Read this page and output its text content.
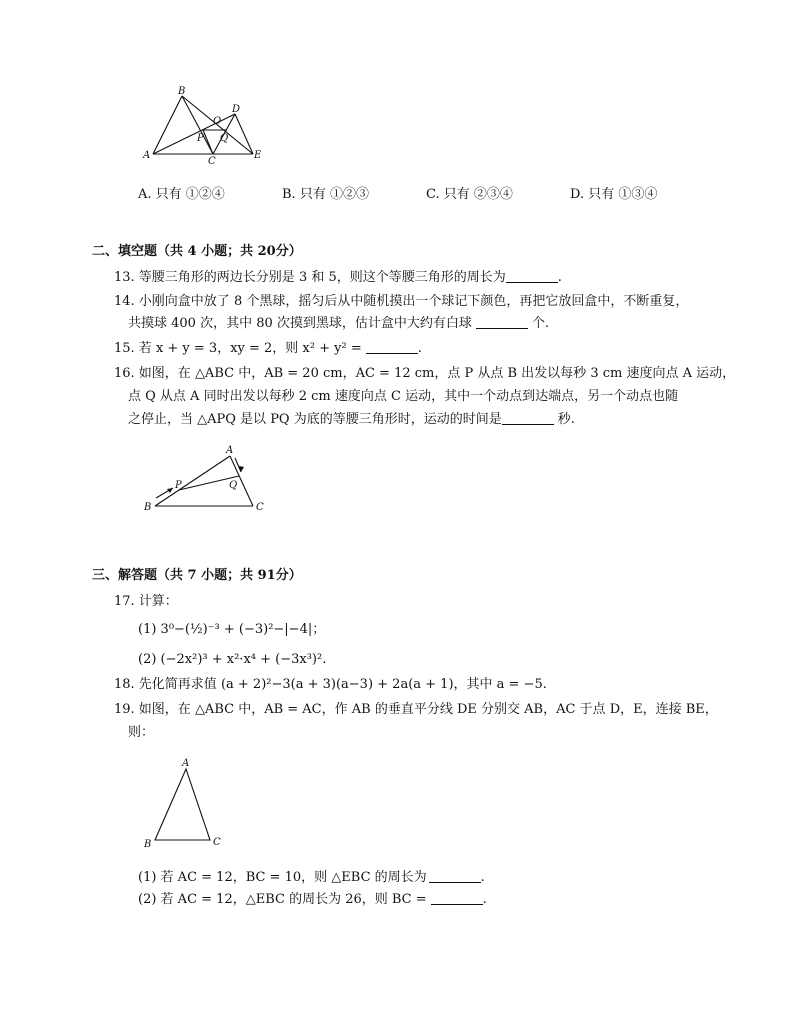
B
A
C
E
D
O
P Q
A. 只有 ①②④	B. 只有 ①②③	C. 只有 ②③④	D. 只有 ①③④
二、填空题（共 4 小题；共 20分）
13. 等腰三角形的两边长分别是 3 和 5，则这个等腰三角形的周长为	.
14. 小刚向盒中放了 8 个黑球，摇匀后从中随机摸出一个球记下颜色，再把它放回盒中，不断重复，
共摸球 400 次，其中 80 次摸到黑球，估计盒中大约有白球	个.
15. 若 x + y = 3，xy = 2，则 x² + y² =	.
16. 如图，在 △ABC 中，AB = 20 cm，AC = 12 cm，点 P 从点 B 出发以每秒 3 cm 速度向点 A 运动，
点 Q 从点 A 同时出发以每秒 2 cm 速度向点 C 运动，其中一个动点到达端点，另一个动点也随
之停止，当 △APQ 是以 PQ 为底的等腰三角形时，运动的时间是	秒.
A
B	C
P	Q
三、解答题（共 7 小题；共 91分）
17. 计算：
(1) 3⁰−(½)⁻³ + (−3)²−|−4|；
(2) (−2x²)³ + x²·x⁴ + (−3x³)².
18. 先化简再求值 (a + 2)²−3(a + 3)(a−3) + 2a(a + 1)，其中 a = −5.
19. 如图，在 △ABC 中，AB = AC，作 AB 的垂直平分线 DE 分别交 AB，AC 于点 D，E，连接 BE，
则：
A
B	C
(1) 若 AC = 12，BC = 10，则 △EBC 的周长为	.
(2) 若 AC = 12，△EBC 的周长为 26，则 BC =	.
